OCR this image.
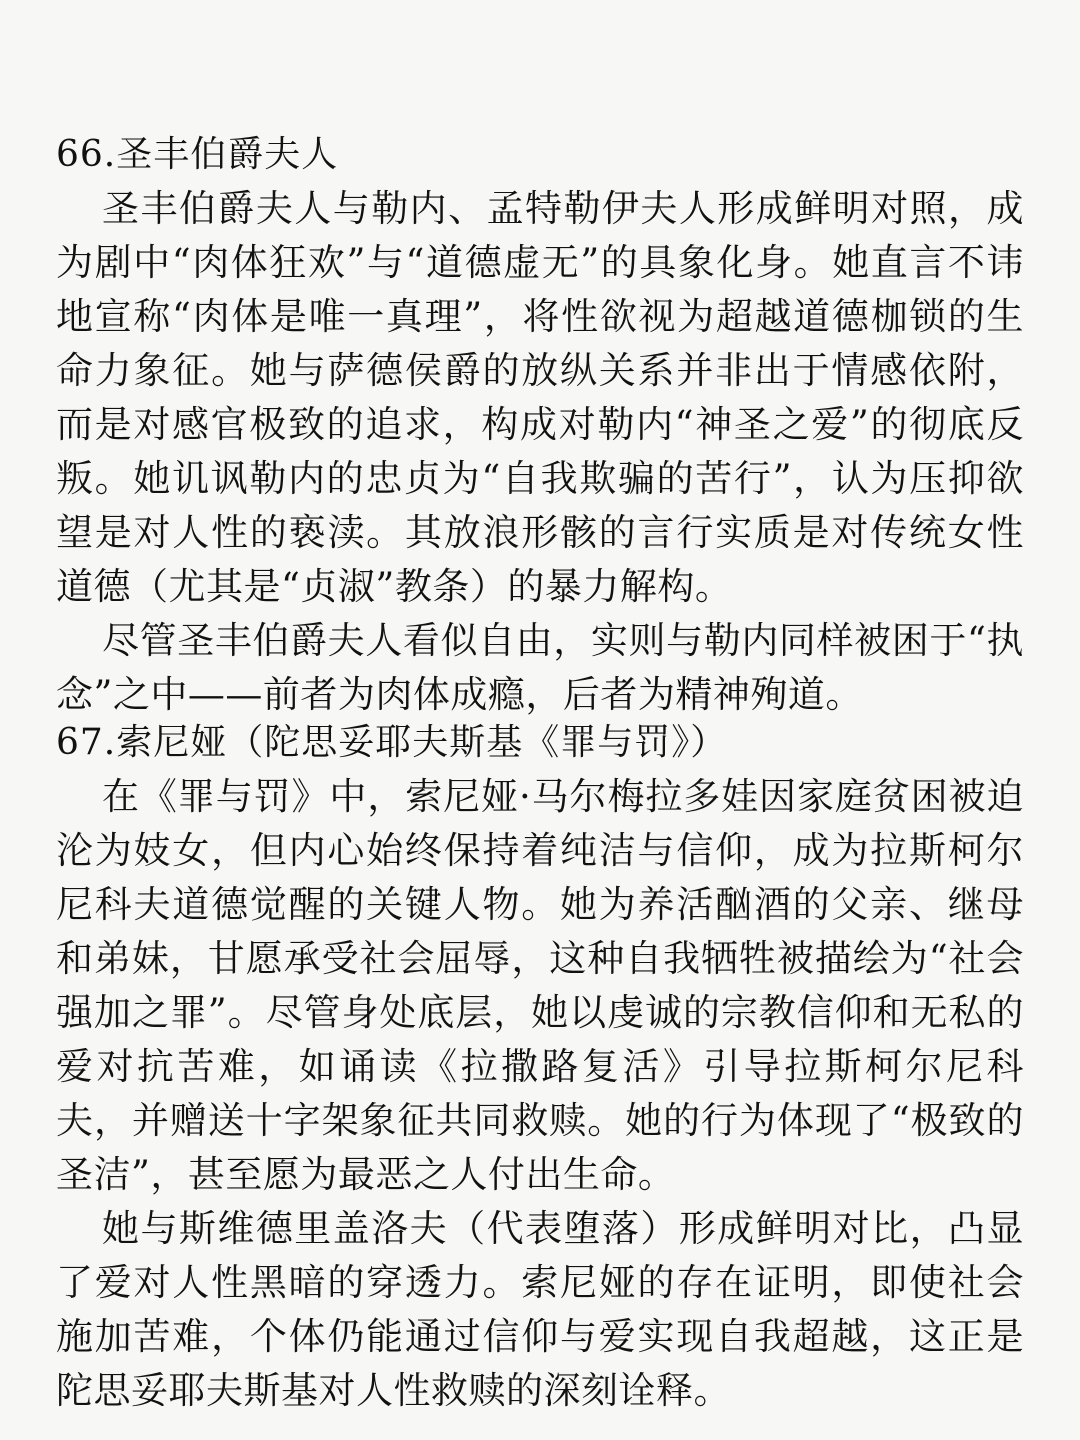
66.圣丰伯爵夫人

圣丰伯爵夫人与勒内、孟特勒伊夫人形成鲜明对照，成为剧中“肉体狂欢”与“道德虚无”的具象化身。她直言不讳地宣称“肉体是唯一真理”，将性欲视为超越道德枷锁的生命力象征。她与萨德侯爵的放纵关系并非出于情感依附，而是对感官极致的追求，构成对勒内“神圣之爱”的彻底反叛。她讥讽勒内的忠贞为“自我欺骗的苦行”，认为压抑欲望是对人性的亵渎。其放浪形骸的言行实质是对传统女性道德（尤其是“贞淑”教条）的暴力解构。

尽管圣丰伯爵夫人看似自由，实则与勒内同样被困于“执念”之中——前者为肉体成瘾，后者为精神殉道。

67.索尼娅（陀思妥耶夫斯基《罪与罚》）

在《罪与罚》中，索尼娅·马尔梅拉多娃因家庭贫困被迫沦为妓女，但内心始终保持着纯洁与信仰，成为拉斯柯尔尼科夫道德觉醒的关键人物。她为养活酗酒的父亲、继母和弟妹，甘愿承受社会屈辱，这种自我牺牲被描绘为“社会强加之罪”。尽管身处底层，她以虔诚的宗教信仰和无私的爱对抗苦难，如诵读《拉撒路复活》引导拉斯柯尔尼科夫，并赠送十字架象征共同救赎。她的行为体现了“极致的圣洁”，甚至愿为最恶之人付出生命。

她与斯维德里盖洛夫（代表堕落）形成鲜明对比，凸显了爱对人性黑暗的穿透力。索尼娅的存在证明，即使社会施加苦难，个体仍能通过信仰与爱实现自我超越，这正是陀思妥耶夫斯基对人性救赎的深刻诠释。
